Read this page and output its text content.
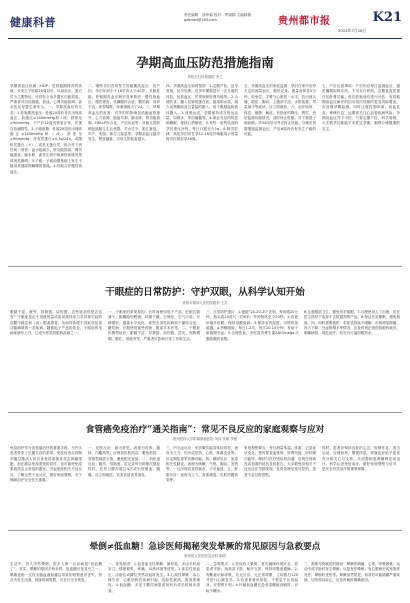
健康科普
责任编辑：徐华菊 校对：罗娟娟 主编邮箱：gzbmtd@163.com	贵州都市报	K21
2022年7月28日
孕期高血压防范措施指南
贵阳市妇幼保健院 李兰
孕期高血压疾病（HDP）是妊娠期特有的疾病，多发生于妊娠20周以后，以高血压、蛋白尿为主要特征，可伴有全身多器官功能损害。严重者可出现抽搐、昏迷、心肾功能衰竭，甚至危及母婴生命安全。一、孕期高血压的分类：1.妊娠期高血压：妊娠20周后首次出现高血压，收缩压≥140mmHg和（或）舒张压≥90mmHg，于产后12周内恢复正常，尿蛋白检测阴性。2.子痫前期：妊娠20周后出现收缩压≥140mmHg和（或）舒张压≥90mmHg，伴有尿蛋白≥0.3g/24h，或随机尿蛋白（+），或虽无蛋白尿，但合并下列任何一项者：血小板减少、肝功能损害、肾功能损害、肺水肿、新发生的中枢神经系统异常或视觉障碍。3.子痫：子痫前期基础上发生不能用其他原因解释的抽搐。4.妊娠合并慢性高血压。
二、哪些孕妇容易发生妊娠期高血压：初产妇、孕妇年龄小于18岁或大于40岁；多胎妊娠；妊娠期高血压病史及家族史；慢性高血压；慢性肾炎；抗磷脂综合征；糖尿病；营养不良；体型矮胖，体重指数大于24。三、孕期高血压的危害：对孕妇的影响包括脑血管意外、心力衰竭、胎盘早剥、肺水肿、肾功能衰竭、HELLP综合征、产后出血等；对胎儿的影响包括胎儿生长受限、羊水过少、胎儿窘迫、早产、死胎、新生儿窒息等。孕期高血压越早发生，程度越重，对母儿的危害越大。
四、孕期高血压如何预防：1.定期产检，及早发现，及早处理。在孕早期要进行一次全面的体检，包括血压、尿常规和肝肾功能等。2.合理饮食，摄入足够的蛋白质、蔬菜和水果，减少动物脂肪及过量盐的摄入，但不限制盐和液体摄入。3.适度运动，孕期保持适当的运动量，如散步、孕妇瑜伽等。4.保证充足的休息和睡眠，保持心情愉快。5.补钙：低钙饮食的孕妇建议补钙，每日口服至少1g。6.阿司匹林：高危孕妇可在孕12-16周开始服用小剂量阿司匹林至孕36周。
五、孕期高血压的家庭监测：孕妇在家中应每天定时测量血压，做好记录。测量前休息5分钟，取坐位，手臂与心脏同一水平。若出现头痛、眼花、胸闷、上腹部不适、水肿加重、尿量减少等症状，应立即就医。六、治疗原则：休息、镇静、解痉，有指征的降压、利尿，密切监测母胎情况，适时终止妊娠。对于重度子痫前期，孕34周后可考虑终止妊娠。分娩后仍需继续监测血压，产后6周内仍有发生子痫的可能。
七、产后注意事项：产后仍应每日监测血压，遵医嘱服用降压药，不可自行停药。定期复查尿蛋白及肝肾功能。再次妊娠前应进行评估，有妊娠期高血压病史的妇女再次妊娠时复发风险增加，应加强孕期监测。同时注意控制体重，低盐饮食，规律作息，远期需关注心血管疾病风险。孕期高血压并不可怕，只要定期产检、科学管理，大多数孕妇都能平安度过孕期，顺利分娩健康的宝宝。
干眼症的日常防护：守护双眼，从科学认知开始
贵阳市第四人民医院眼科 王芳
眼睛干涩、疲劳、异物感、烧灼感，这些症状你是否也有？干眼症是由于泪液的量或质或流体动力学异常引起的泪膜不稳定和（或）眼表损害，从而导致眼不适症状及视功能障碍的一类疾病。随着电子产品的普及，干眼症的发病率逐年上升，已成为常见的眼科疾病之一。
一、干眼症的常见原因：长时间使用电子产品，眨眼次数减少；配戴隐形眼镜；环境干燥、空调房、空气污染；年龄增长、激素水平变化；某些全身性疾病如干燥综合征、糖尿病；长期使用某些药物；眼部手术后等。二、干眼症的典型症状：眼睛干涩、异物感、烧灼感、畏光、视物模糊、眼红、易疲劳等，严重者可影响日常工作和生活。
三、日常防护建议：1.遵循“20-20-20”法则，每用眼20分钟，抬头看20英尺（约6米）外的物体至少20秒。2.有意识地多眨眼，保持泪膜湿润。3.保持室内湿度，可使用加湿器。4.热敷眼睑，每日1-2次，每次10-15分钟，有助于睑板腺分泌。5.合理饮食，多吃富含维生素A和Omega-3脂肪酸的食物。
6.注意眼部卫生，避免用手揉眼。7.合理使用人工泪液，应在医生指导下选择不含防腐剂的产品。8.保证充足睡眠，避免熬夜。四、何时需要就医：若症状持续不缓解，出现明显眼痛、视力下降、分泌物增多等情况，应及时到正规医院眼科就诊，明确病因，规范治疗，切勿自行滥用眼药水。
食管癌免疫治疗“通关指南”：常见不良反应的家庭观察与应对
贵州医科大学附属肿瘤医院 刘伟 张敏 李强
免疫治疗作为食管癌治疗的重要手段，为许多患者带来了长期生存的希望。免疫检查点抑制剂通过激活人体自身免疫系统来攻击肿瘤细胞，但在激活免疫系统的同时，也可能使免疫系统攻击正常组织器官，引起免疫相关不良反应。了解这些不良反应，做好家庭观察，对于保障治疗安全至关重要。
一、皮肤反应：最为常见，表现为皮疹、瘙痒、白癜风等。应保持皮肤清洁，避免抓挠，穿宽松棉质衣物，避免阳光直射。二、消化道反应：腹泻、结肠炎。应记录每日排便次数及性状，若每日腹泻超过4次或出现便血、腹痛，应立即就医。饮食宜清淡易消化。
三、内分泌反应：甲状腺功能异常较常见，表现为乏力、怕冷或怕热、心慌、体重变化等。应定期复查甲状腺功能。四、肺部反应：免疫相关性肺炎，表现为咳嗽、气短、胸闷、发热等，一旦出现应及时就诊，不可拖延。五、肝脏反应：表现为乏力、食欲减退、皮肤巩膜黄染等。
家庭观察要点：每日测量体温、体重，记录症状变化；按时复查血常规、肝肾功能、甲状腺功能等；保持与医疗团队的沟通，出现任何新发或加重的症状及时报告。大多数免疫相关不良反应在早期发现、及时处理后是可控的，患者不必过度恐慌。
同时，患者应保持良好的心态，规律作息，适当运动，合理营养，增强体质。家属也应给予患者充分的关心与支持，共同帮助患者顺利完成治疗。科学认识免疫治疗，做好家庭观察与应对，是安全有效治疗的重要保障。
晕倒≠低血糖！急诊医师揭秘突发晕厥的常见原因与急救要点
贵州省人民医院急诊科 陈明
生活中，有人突然晕倒，很多人第一反应就是“低血糖了”。其实，晕厥的原因多种多样，低血糖只是其中之一。晕厥是指一过性全脑血液低灌注导致的短暂意识丧失，特点为发生迅速、持续时间短暂、可自行完全恢复。
一、常见原因：1.血管迷走性晕厥：最常见，多由长时间站立、情绪紧张、疼痛、闷热环境等诱发。2.体位性低血压：由卧位或蹲位突然站起时发生。3.心源性晕厥：由心律失常、心脏结构性疾病引起，危险性最高，需高度重视。4.低血糖：多见于糖尿病患者用药后或长时间未进食。
二、急救要点：1.发现有人晕倒，首先确保环境安全，将患者平卧，抬高双下肢，解开衣领，保持呼吸道通畅。2.判断意识和呼吸，若无反应、无正常呼吸，立即拨打120并进行心肺复苏。3.若患者意识恢复，不要急于让其起身，应观察片刻。4.怀疑低血糖且患者清醒能吞咽时，可给予糖水。
三、需要尽快就医的情况：晕厥伴胸痛、心悸、呼吸困难；运动中或平卧时发生晕厥；反复发作晕厥；有心脏病史或家族猝死史；晕倒时受伤等。晕厥虽然常见，但背后可能隐藏严重疾病，切勿掉以轻心，应及时就医明确原因。
